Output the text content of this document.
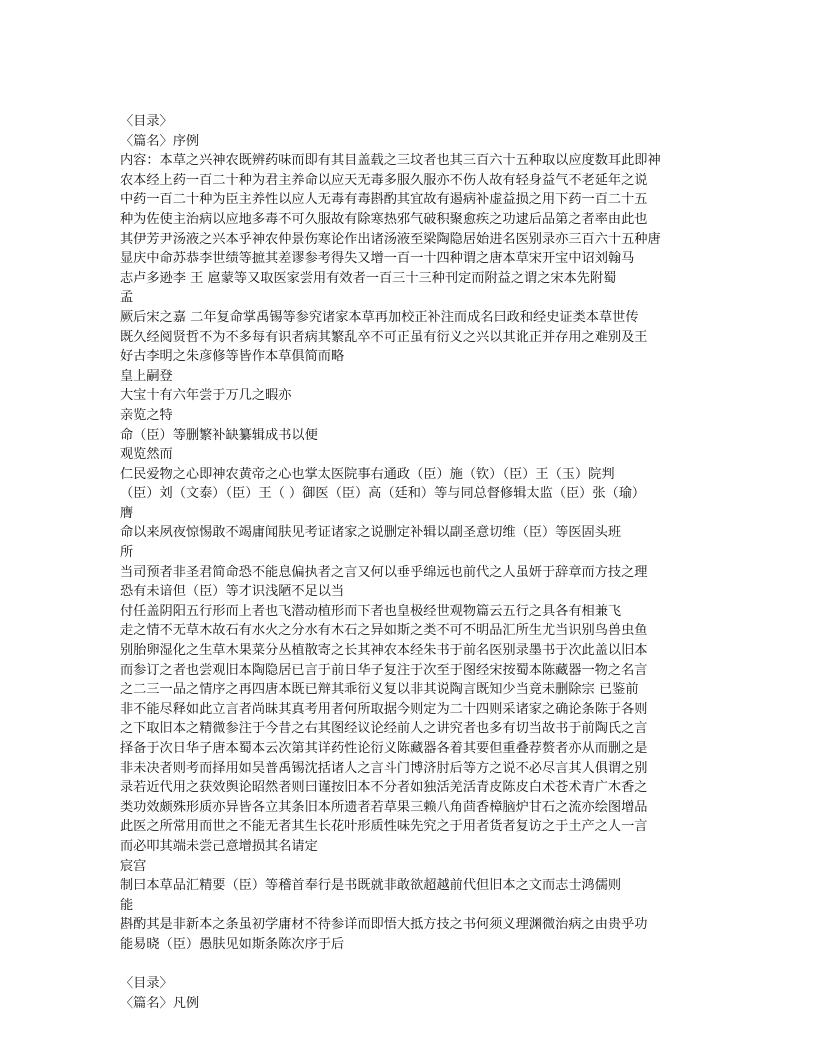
〈目录〉
〈篇名〉序例
内容：本草之兴神农既辨药味而即有其目盖载之三坟者也其三百六十五种取以应度数耳此即神
农本经上药一百二十种为君主养命以应天无毒多服久服亦不伤人故有轻身益气不老延年之说
中药一百二十种为臣主养性以应人无毒有毒斟酌其宜故有遏病补虚益损之用下药一百二十五
种为佐使主治病以应地多毒不可久服故有除寒热邪气破积聚愈疾之功逮后品第之者率由此也
其伊芳尹汤液之兴本乎神农仲景伤寒论作出诸汤液至梁陶隐居始进名医别录亦三百六十五种唐
显庆中命苏恭李世绩等摭其差谬参考得失又增一百一十四种谓之唐本草宋开宝中诏刘翰马
志卢多逊李 王 扈蒙等又取医家尝用有效者一百三十三种刊定而附益之谓之宋本先附蜀
孟
厥后宋之嘉 二年复命掌禹锡等参究诸家本草再加校正补注而成名曰政和经史证类本草世传
既久经阅贤哲不为不多每有识者病其繁乱卒不可正虽有衍义之兴以其讹正并存用之难别及王
好古李明之朱彦修等皆作本草俱简而略
皇上嗣登
大宝十有六年尝于万几之暇亦
亲览之特
命（臣）等删繁补缺纂辑成书以便
观览然而
仁民爱物之心即神农黄帝之心也掌太医院事右通政（臣）施（钦）（臣）王（玉）院判
（臣）刘（文泰）（臣）王（ ）御医（臣）高（廷和）等与同总督修辑太监（臣）张（瑜）
膺
命以来夙夜惊惕敢不竭庸闻肤见考证诸家之说删定补辑以副圣意切维（臣）等医固头班
所
当司预者非圣君简命恐不能息偏执者之言又何以垂乎绵远也前代之人虽妍于辞章而方技之理
恐有未谙但（臣）等才识浅陋不足以当
付任盖阴阳五行形而上者也飞潜动植形而下者也皇极经世观物篇云五行之具各有相兼飞
走之情不无草木故石有水火之分水有木石之异如斯之类不可不明品汇所生尤当识别鸟兽虫鱼
别胎卵湿化之生草木果菜分丛植散寄之长其神农本经朱书于前名医别录墨书于次此盖以旧本
而参订之者也尝观旧本陶隐居已言于前日华子复注于次至于图经宋按蜀本陈藏器一物之名言
之二三一品之情序之再四唐本既已辩其乖衍义复以非其说陶言既知少当竟未删除宗 已鉴前
非不能尽释如此立言者尚昧其真考用者何所取据今则定为二十四则采诸家之确论条陈于各则
之下取旧本之精微参注于今昔之右其图经议论经前人之讲究者也多有切当故书于前陶氏之言
择备于次日华子唐本蜀本云次第其详药性论衍义陈藏器各着其要但重叠荐赘者亦从而删之是
非未决者则考而择用如吴普禹锡沈括诸人之言斗门博济肘后等方之说不必尽言其人俱谓之别
录若近代用之获效舆论昭然者则曰谨按旧本不分者如独活羌活青皮陈皮白术苍术青广木香之
类功效颇殊形质亦异皆各立其条旧本所遗者若草果三赖八角茴香樟脑炉甘石之流亦绘图增品
此医之所常用而世之不能无者其生长花叶形质性味先究之于用者货者复访之于土产之人一言
而必叩其端未尝己意增损其名请定
宸宫
制曰本草品汇精要（臣）等稽首奉行是书既就非敢欲超越前代但旧本之文而志士鸿儒则
能
斟酌其是非新本之条虽初学庸材不待参详而即悟大抵方技之书何须义理渊微治病之由贵乎功
能易晓（臣）愚肤见如斯条陈次序于后
〈目录〉
〈篇名〉凡例
